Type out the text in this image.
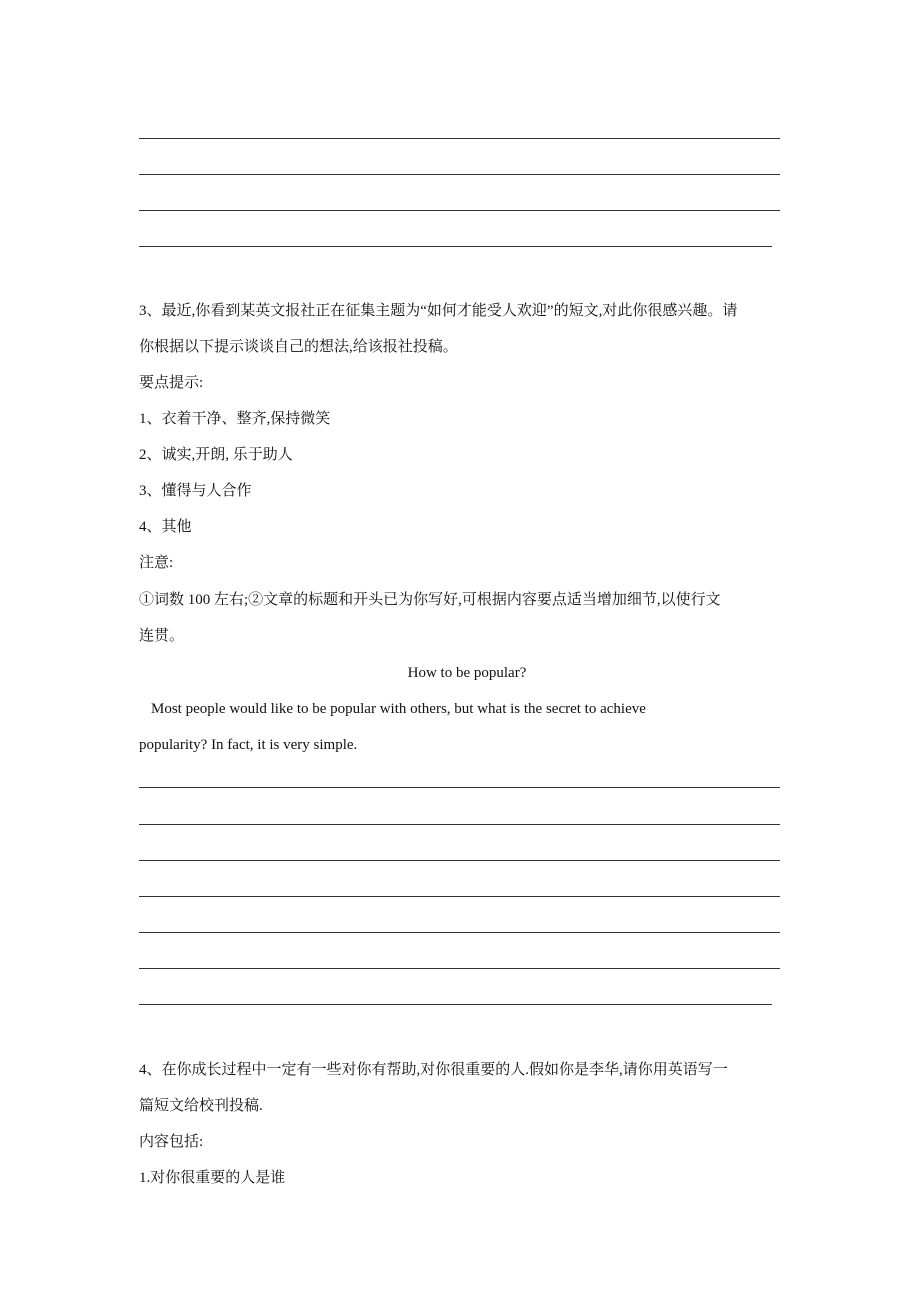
3、最近,你看到某英文报社正在征集主题为“如何才能受人欢迎”的短文,对此你很感兴趣。请
你根据以下提示谈谈自己的想法,给该报社投稿。
要点提示:
1、衣着干净、整齐,保持微笑
2、诚实,开朗, 乐于助人
3、懂得与人合作
4、其他
注意:
①词数 100 左右;②文章的标题和开头已为你写好,可根据内容要点适当增加细节,以使行文
连贯。
How to be popular?
Most people would like to be popular with others, but what is the secret to achieve
popularity? In fact, it is very simple.
4、在你成长过程中一定有一些对你有帮助,对你很重要的人.假如你是李华,请你用英语写一
篇短文给校刊投稿.
内容包括:
1.对你很重要的人是谁
